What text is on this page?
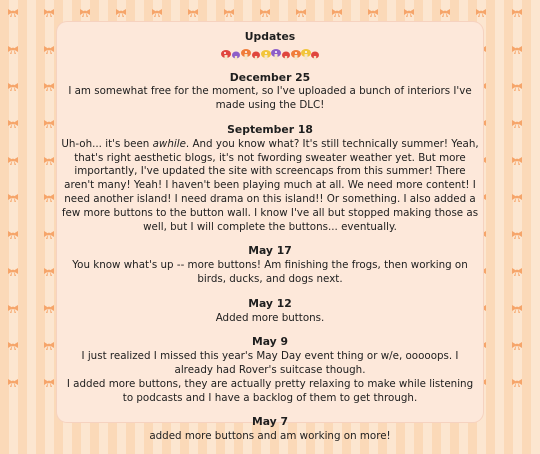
Updates
December 25

I am somewhat free for the moment, so I've uploaded a bunch of interiors I've made using the DLC!

September 18

Uh-oh... it's been awhile. And you know what? It's still technically summer! Yeah, that's right aesthetic blogs, it's not fwording sweater weather yet. But more importantly, I've updated the site with screencaps from this summer! There aren't many! Yeah! I haven't been playing much at all. We need more content! I need another island! I need drama on this island!! Or something. I also added a few more buttons to the button wall. I know I've all but stopped making those as well, but I will complete the buttons... eventually.

May 17

You know what's up -- more buttons! Am finishing the frogs, then working on birds, ducks, and dogs next.

May 12

Added more buttons.

May 9

I just realized I missed this year's May Day event thing or w/e, ooooops. I already had Rover's suitcase though.

I added more buttons, they are actually pretty relaxing to make while listening to podcasts and I have a backlog of them to get through.

May 7

added more buttons and am working on more!
